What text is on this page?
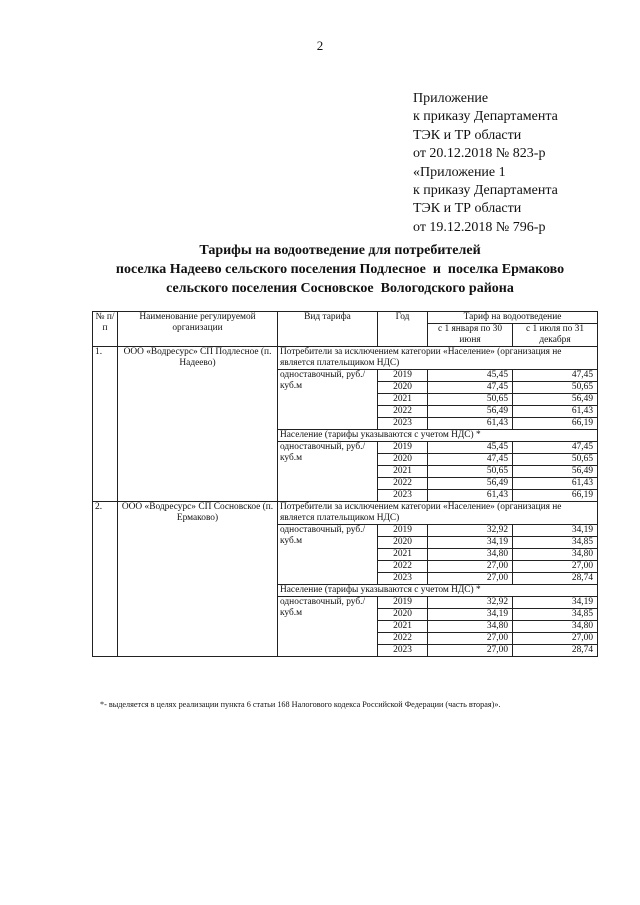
2
Приложение
к приказу Департамента
ТЭК и ТР области
от 20.12.2018 № 823-р
«Приложение 1
к приказу Департамента
ТЭК и ТР области
от 19.12.2018 № 796-р
Тарифы на водоотведение для потребителей
поселка Надеево сельского поселения Подлесное  и  поселка Ермаково
сельского поселения Сосновское  Вологодского района
№ п/п	Наименование регулируемой организации	Вид тарифа	Год	Тариф на водоотведение	
				с 1 января по 30 июня	с 1 июля по 31 декабря
1.	ООО «Водресурс» СП Подлесное (п. Надеево)	Потребители за исключением категории «Население» (организация не является плательщиком НДС)			
		одноставочный, руб./куб.м	2019	45,45	47,45
			2020	47,45	50,65
			2021	50,65	56,49
			2022	56,49	61,43
			2023	61,43	66,19
		Население (тарифы указываются с учетом НДС) *			
		одноставочный, руб./куб.м	2019	45,45	47,45
			2020	47,45	50,65
			2021	50,65	56,49
			2022	56,49	61,43
			2023	61,43	66,19
2.	ООО «Водресурс» СП Сосновское (п. Ермаково)	Потребители за исключением категории «Население» (организация не является плательщиком НДС)			
		одноставочный, руб./куб.м	2019	32,92	34,19
			2020	34,19	34,85
			2021	34,80	34,80
			2022	27,00	27,00
			2023	27,00	28,74
		Население (тарифы указываются с учетом НДС) *			
		одноставочный, руб./куб.м	2019	32,92	34,19
			2020	34,19	34,85
			2021	34,80	34,80
			2022	27,00	27,00
			2023	27,00	28,74
*- выделяется в целях реализации пункта 6 статьи 168 Налогового кодекса Российской Федерации (часть вторая)».
